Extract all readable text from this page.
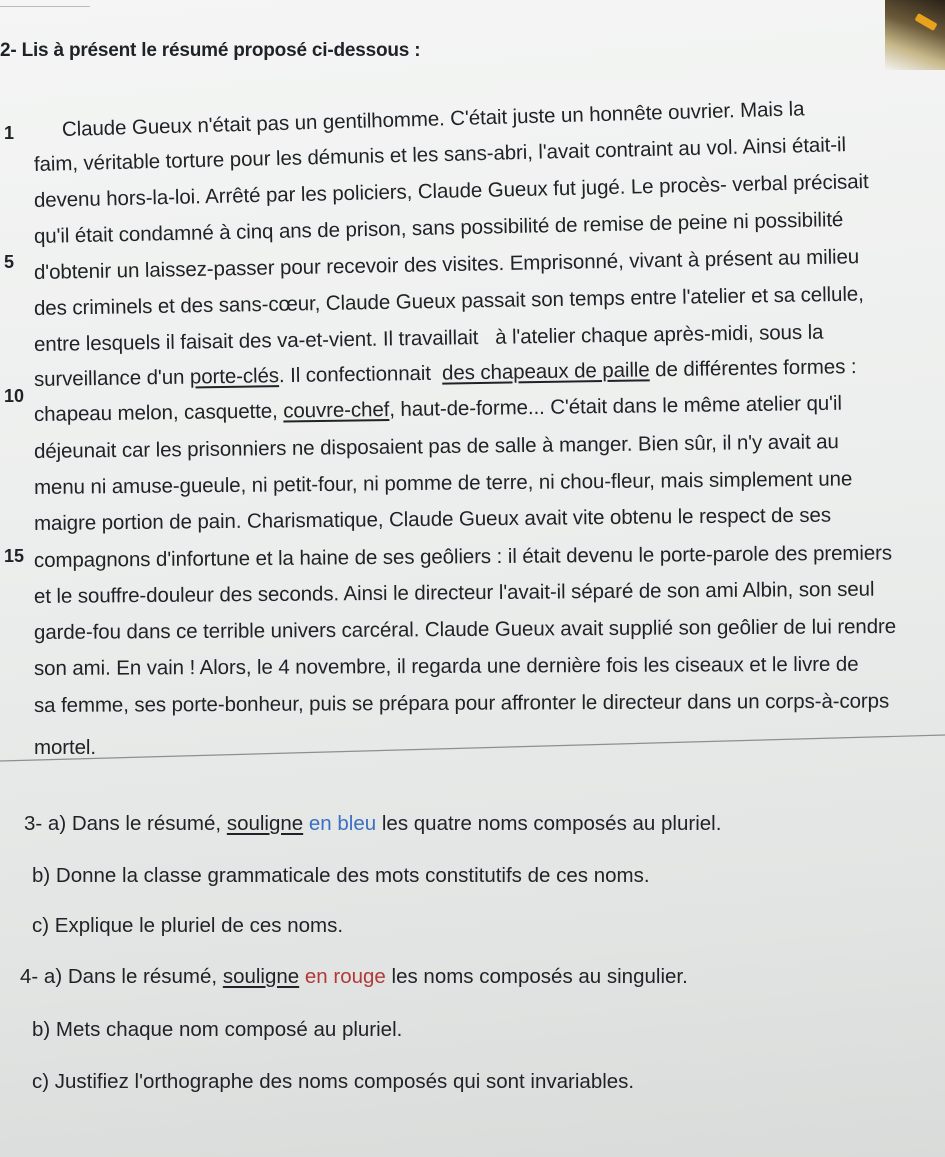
2- Lis à présent le résumé proposé ci-dessous :
1
5
10
15
Claude Gueux n'était pas un gentilhomme. C'était juste un honnête ouvrier. Mais la
faim, véritable torture pour les démunis et les sans-abri, l'avait contraint au vol. Ainsi était-il
devenu hors-la-loi. Arrêté par les policiers, Claude Gueux fut jugé. Le procès- verbal précisait
qu'il était condamné à cinq ans de prison, sans possibilité de remise de peine ni possibilité
d'obtenir un laissez-passer pour recevoir des visites. Emprisonné, vivant à présent au milieu
des criminels et des sans-cœur, Claude Gueux passait son temps entre l'atelier et sa cellule,
entre lesquels il faisait des va-et-vient. Il travaillait à l'atelier chaque après-midi, sous la
surveillance d'un porte-clés. Il confectionnait des chapeaux de paille de différentes formes :
chapeau melon, casquette, couvre-chef, haut-de-forme... C'était dans le même atelier qu'il
déjeunait car les prisonniers ne disposaient pas de salle à manger. Bien sûr, il n'y avait au
menu ni amuse-gueule, ni petit-four, ni pomme de terre, ni chou-fleur, mais simplement une
maigre portion de pain. Charismatique, Claude Gueux avait vite obtenu le respect de ses
compagnons d'infortune et la haine de ses geôliers : il était devenu le porte-parole des premiers
et le souffre-douleur des seconds. Ainsi le directeur l'avait-il séparé de son ami Albin, son seul
garde-fou dans ce terrible univers carcéral. Claude Gueux avait supplié son geôlier de lui rendre
son ami. En vain ! Alors, le 4 novembre, il regarda une dernière fois les ciseaux et le livre de
sa femme, ses porte-bonheur, puis se prépara pour affronter le directeur dans un corps-à-corps
mortel.
3- a) Dans le résumé, souligne en bleu les quatre noms composés au pluriel.
b) Donne la classe grammaticale des mots constitutifs de ces noms.
c) Explique le pluriel de ces noms.
4- a) Dans le résumé, souligne en rouge les noms composés au singulier.
b) Mets chaque nom composé au pluriel.
c) Justifiez l'orthographe des noms composés qui sont invariables.
